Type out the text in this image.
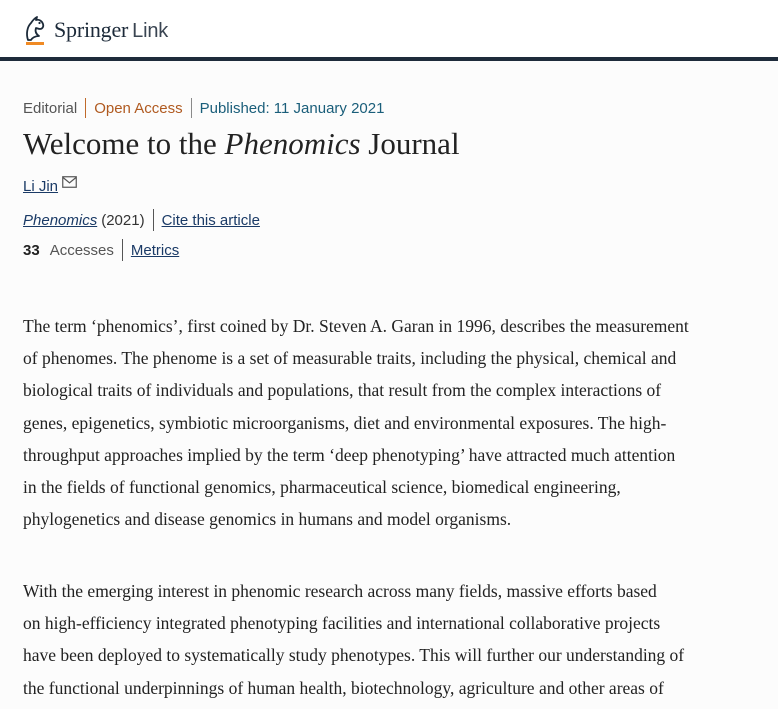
Springer Link
Editorial Open Access Published: 11 January 2021
Welcome to the Phenomics Journal
Li Jin
Phenomics (2021) Cite this article
33 Accesses Metrics
The term ‘phenomics’, first coined by Dr. Steven A. Garan in 1996, describes the measurement
of phenomes. The phenome is a set of measurable traits, including the physical, chemical and
biological traits of individuals and populations, that result from the complex interactions of
genes, epigenetics, symbiotic microorganisms, diet and environmental exposures. The high-
throughput approaches implied by the term ‘deep phenotyping’ have attracted much attention
in the fields of functional genomics, pharmaceutical science, biomedical engineering,
phylogenetics and disease genomics in humans and model organisms.
With the emerging interest in phenomic research across many fields, massive efforts based
on high-efficiency integrated phenotyping facilities and international collaborative projects
have been deployed to systematically study phenotypes. This will further our understanding of
the functional underpinnings of human health, biotechnology, agriculture and other areas of
